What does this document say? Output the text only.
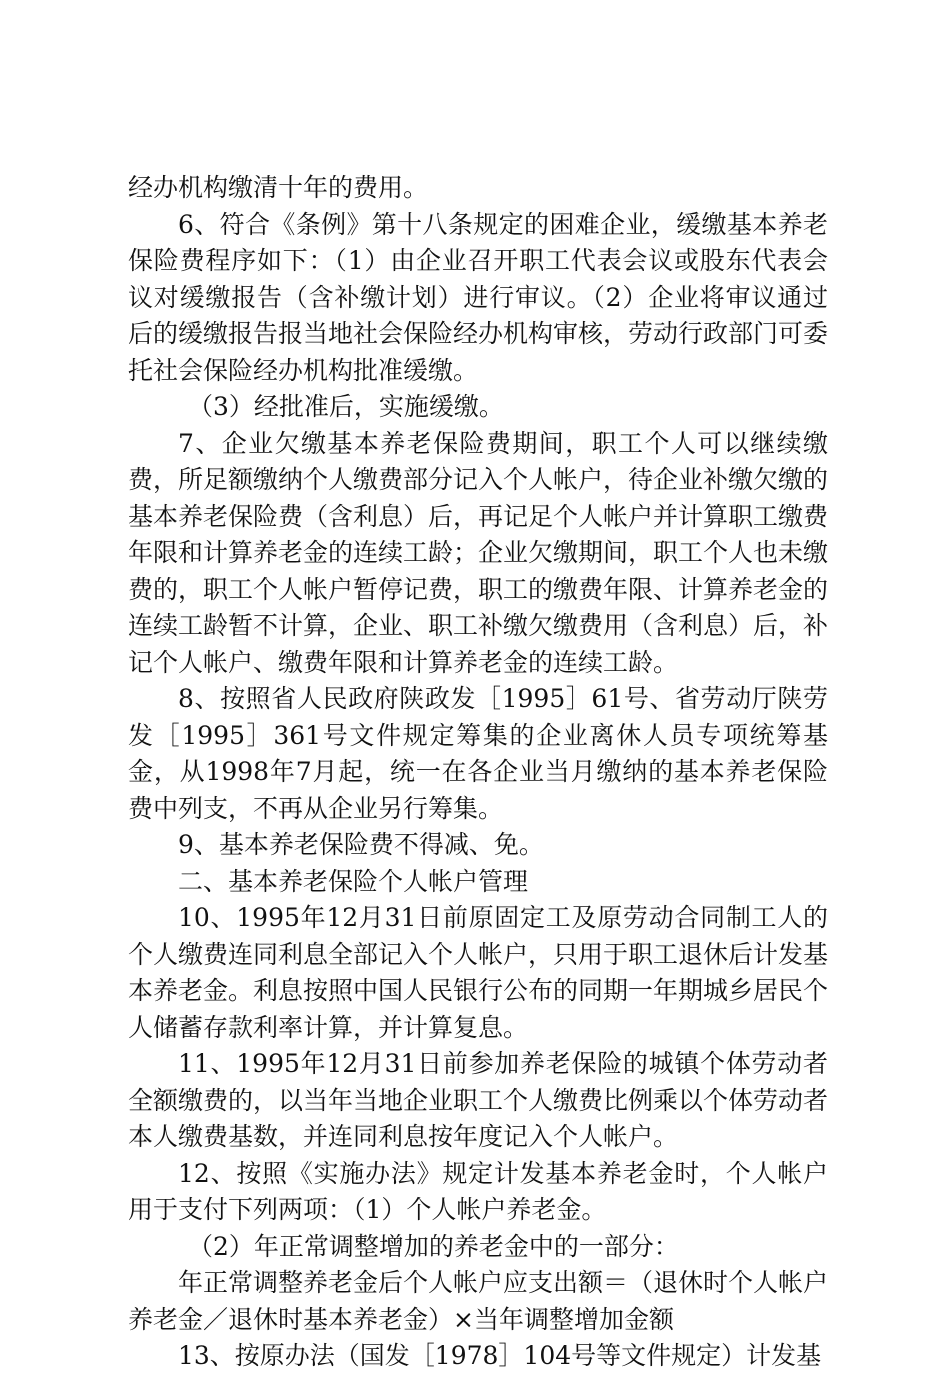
经办机构缴清十年的费用。

6、符合《条例》第十八条规定的困难企业，缓缴基本养老保险费程序如下：（1）由企业召开职工代表会议或股东代表会议对缓缴报告（含补缴计划）进行审议。（2）企业将审议通过后的缓缴报告报当地社会保险经办机构审核，劳动行政部门可委托社会保险经办机构批准缓缴。

（3）经批准后，实施缓缴。

7、企业欠缴基本养老保险费期间，职工个人可以继续缴费，所足额缴纳个人缴费部分记入个人帐户，待企业补缴欠缴的基本养老保险费（含利息）后，再记足个人帐户并计算职工缴费年限和计算养老金的连续工龄；企业欠缴期间，职工个人也未缴费的，职工个人帐户暂停记费，职工的缴费年限、计算养老金的连续工龄暂不计算，企业、职工补缴欠缴费用（含利息）后，补记个人帐户、缴费年限和计算养老金的连续工龄。

8、按照省人民政府陕政发［1995］61号、省劳动厅陕劳发［1995］361号文件规定筹集的企业离休人员专项统筹基金，从1998年7月起，统一在各企业当月缴纳的基本养老保险费中列支，不再从企业另行筹集。

9、基本养老保险费不得减、免。

二、基本养老保险个人帐户管理

10、1995年12月31日前原固定工及原劳动合同制工人的个人缴费连同利息全部记入个人帐户，只用于职工退休后计发基本养老金。利息按照中国人民银行公布的同期一年期城乡居民个人储蓄存款利率计算，并计算复息。

11、1995年12月31日前参加养老保险的城镇个体劳动者全额缴费的，以当年当地企业职工个人缴费比例乘以个体劳动者本人缴费基数，并连同利息按年度记入个人帐户。

12、按照《实施办法》规定计发基本养老金时，个人帐户用于支付下列两项：（1）个人帐户养老金。

（2）年正常调整增加的养老金中的一部分：

年正常调整养老金后个人帐户应支出额＝（退休时个人帐户养老金／退休时基本养老金）×当年调整增加金额

13、按原办法（国发［1978］104号等文件规定）计发基
